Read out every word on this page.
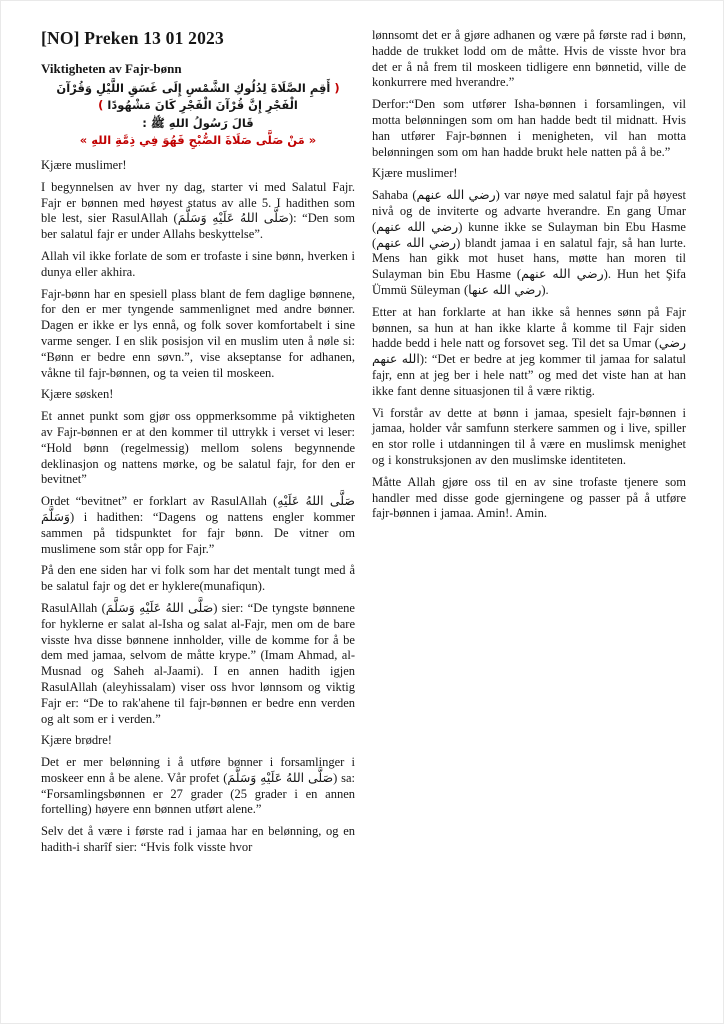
[NO] Preken 13 01 2023
Viktigheten av Fajr-bønn

( أَقِمِ الصَّلَاةَ لِدُلُوكِ الشَّمْسِ إِلَى غَسَقِ اللَّيْلِ وَقُرْآنَ الْفَجْرِ إِنَّ قُرْآنَ الْفَجْرِ كَانَ مَشْهُودًا )

قَالَ رَسُولُ اللهِ ﷺ :

« مَنْ صَلَّى صَلَاةَ الصُّبْحِ فَهُوَ فِي ذِمَّةِ اللهِ »

Kjære muslimer!

I begynnelsen av hver ny dag, starter vi med Salatul Fajr. Fajr er bønnen med høyest status av alle 5. I hadithen som ble lest, sier RasulAllah (صَلَّى اللهُ عَلَيْهِ وَسَلَّمَ): “Den som ber salatul fajr er under Allahs beskyttelse”.

Allah vil ikke forlate de som er trofaste i sine bønn, hverken i dunya eller akhira.

Fajr-bønn har en spesiell plass blant de fem daglige bønnene, for den er mer tyngende sammenlignet med andre bønner. Dagen er ikke er lys ennå, og folk sover komfortabelt i sine varme senger. I en slik posisjon vil en muslim uten å nøle si: “Bønn er bedre enn søvn.”, vise akseptanse for adhanen, våkne til fajr-bønnen, og ta veien til moskeen.

Kjære søsken!

Et annet punkt som gjør oss oppmerksomme på viktigheten av Fajr-bønnen er at den kommer til uttrykk i verset vi leser: “Hold bønn (regelmessig) mellom solens begynnende deklinasjon og nattens mørke, og be salatul fajr, for den er bevitnet”

Ordet “bevitnet” er forklart av RasulAllah (صَلَّى اللهُ عَلَيْهِ وَسَلَّمَ) i hadithen: “Dagens og nattens engler kommer sammen på tidspunktet for fajr bønn. De vitner om muslimene som står opp for Fajr.”

På den ene siden har vi folk som har det mentalt tungt med å be salatul fajr og det er hyklere(munafiqun).

RasulAllah (صَلَّى اللهُ عَلَيْهِ وَسَلَّمَ) sier: “De tyngste bønnene for hyklerne er salat al-Isha og salat al-Fajr, men om de bare visste hva disse bønnene innholder, ville de komme for å be dem med jamaa, selvom de måtte krype.” (Imam Ahmad, al-Musnad og Saheh al-Jaami). I en annen hadith igjen RasulAllah (aleyhissalam) viser oss hvor lønnsom og viktig Fajr er: “De to rak'ahene til fajr-bønnen er bedre enn verden og alt som er i verden.”

Kjære brødre!

Det er mer belønning i å utføre bønner i forsamlinger i moskeer enn å be alene. Vår profet (صَلَّى اللهُ عَلَيْهِ وَسَلَّمَ) sa: “Forsamlingsbønnen er 27 grader (25 grader i en annen fortelling) høyere enn bønnen utført alene.”

Selv det å være i første rad i jamaa har en belønning, og en hadith-i sharîf sier: “Hvis folk visste hvor

lønnsomt det er å gjøre adhanen og være på første rad i bønn, hadde de trukket lodd om de måtte. Hvis de visste hvor bra det er å nå frem til moskeen tidligere enn bønnetid, ville de konkurrere med hverandre.”

Derfor:“Den som utfører Isha-bønnen i forsamlingen, vil motta belønningen som om han hadde bedt til midnatt. Hvis han utfører Fajr-bønnen i menigheten, vil han motta belønningen som om han hadde brukt hele natten på å be.”

Kjære muslimer!

Sahaba (رضي الله عنهم) var nøye med salatul fajr på høyest nivå og de inviterte og advarte hverandre. En gang Umar (رضي الله عنهم) kunne ikke se Sulayman bin Ebu Hasme (رضي الله عنهم) blandt jamaa i en salatul fajr, så han lurte. Mens han gikk mot huset hans, møtte han moren til Sulayman bin Ebu Hasme (رضي الله عنهم). Hun het Şifa Ümmü Süleyman (رضي الله عنها).

Etter at han forklarte at han ikke så hennes sønn på Fajr bønnen, sa hun at han ikke klarte å komme til Fajr siden hadde bedd i hele natt og forsovet seg. Til det sa Umar (رضي الله عنهم): “Det er bedre at jeg kommer til jamaa for salatul fajr, enn at jeg ber i hele natt” og med det viste han at han ikke fant denne situasjonen til å være riktig.

Vi forstår av dette at bønn i jamaa, spesielt fajr-bønnen i jamaa, holder vår samfunn sterkere sammen og i live, spiller en stor rolle i utdanningen til å være en muslimsk menighet og i konstruksjonen av den muslimske identiteten.

Måtte Allah gjøre oss til en av sine trofaste tjenere som handler med disse gode gjerningene og passer på å utføre fajr-bønnen i jamaa. Amin!. Amin.
